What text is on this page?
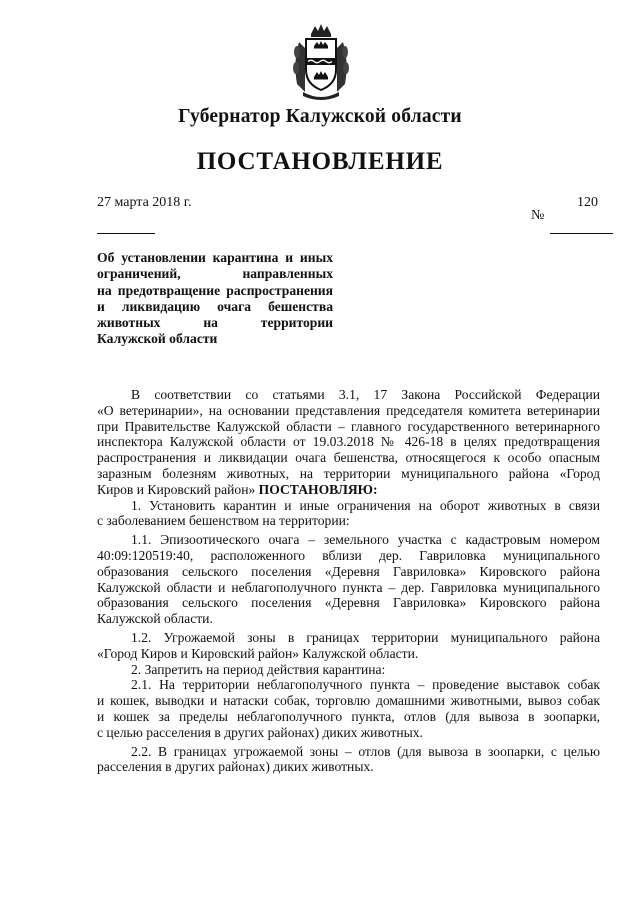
Губернатор Калужской области
ПОСТАНОВЛЕНИЕ
27 марта 2018 г.	120
№
Об установлении карантина и иных
ограничений, направленных
на предотвращение распространения
и ликвидацию очага бешенства
животных на территории
Калужской области
В соответствии со статьями 3.1, 17 Закона Российской Федерации
«О ветеринарии», на основании представления председателя комитета ветеринарии
при Правительстве Калужской области – главного государственного ветеринарного
инспектора Калужской области от 19.03.2018 № 426-18 в целях предотвращения
распространения и ликвидации очага бешенства, относящегося к особо опасным
заразным болезням животных, на территории муниципального района «Город
Киров и Кировский район» ПОСТАНОВЛЯЮ:
1. Установить карантин и иные ограничения на оборот животных в связи
с заболеванием бешенством на территории:
1.1. Эпизоотического очага – земельного участка с кадастровым номером
40:09:120519:40, расположенного вблизи дер. Гавриловка муниципального
образования сельского поселения «Деревня Гавриловка» Кировского района
Калужской области и неблагополучного пункта – дер. Гавриловка муниципального
образования сельского поселения «Деревня Гавриловка» Кировского района
Калужской области.
1.2. Угрожаемой зоны в границах территории муниципального района
«Город Киров и Кировский район» Калужской области.
2. Запретить на период действия карантина:
2.1. На территории неблагополучного пункта – проведение выставок собак
и кошек, выводки и натаски собак, торговлю домашними животными, вывоз собак
и кошек за пределы неблагополучного пункта, отлов (для вывоза в зоопарки,
с целью расселения в других районах) диких животных.
2.2. В границах угрожаемой зоны – отлов (для вывоза в зоопарки, с целью
расселения в других районах) диких животных.
